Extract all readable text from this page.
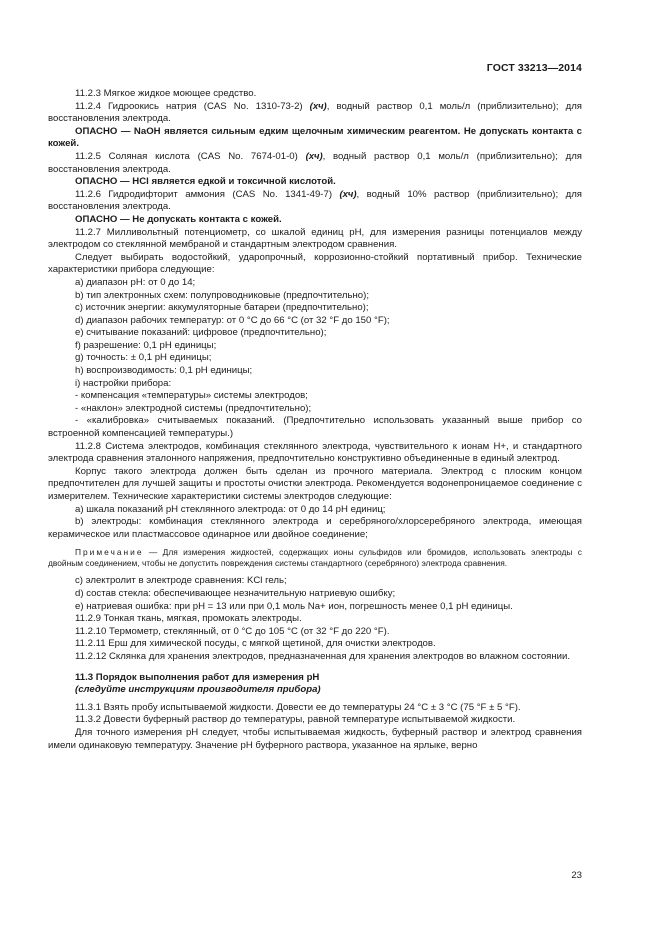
ГОСТ 33213—2014

11.2.3 Мягкое жидкое моющее средство.

11.2.4 Гидроокись натрия (CAS No. 1310-73-2) (хч), водный раствор 0,1 моль/л (приблизительно); для восстановления электрода.

ОПАСНО — NaOH является сильным едким щелочным химическим реагентом. Не допускать контакта с кожей.

11.2.5 Соляная кислота (CAS No. 7674-01-0) (хч), водный раствор 0,1 моль/л (приблизительно); для восстановления электрода.

ОПАСНО — HCl является едкой и токсичной кислотой.

11.2.6 Гидродифторит аммония (CAS No. 1341-49-7) (хч), водный 10% раствор (приблизительно); для восстановления электрода.

ОПАСНО — Не допускать контакта с кожей.

11.2.7 Милливольтный потенциометр, со шкалой единиц pH, для измерения разницы потенциалов между электродом со стеклянной мембраной и стандартным электродом сравнения.

Следует выбирать водостойкий, ударопрочный, коррозионно-стойкий портативный прибор. Технические характеристики прибора следующие:

a) диапазон pH: от 0 до 14;

b) тип электронных схем: полупроводниковые (предпочтительно);

c) источник энергии: аккумуляторные батареи (предпочтительно);

d) диапазон рабочих температур: от 0 °С до 66 °С (от 32 °F до 150 °F);

e) считывание показаний: цифровое (предпочтительно);

f) разрешение: 0,1 pH единицы;

g) точность: ± 0,1 pH единицы;

h) воспроизводимость: 0,1 pH единицы;

i) настройки прибора:

- компенсация «температуры» системы электродов;

- «наклон» электродной системы (предпочтительно);

- «калибровка» считываемых показаний. (Предпочтительно использовать указанный выше прибор со встроенной компенсацией температуры.)

11.2.8 Система электродов, комбинация стеклянного электрода, чувствительного к ионам H+, и стандартного электрода сравнения эталонного напряжения, предпочтительно конструктивно объединенные в единый электрод.

Корпус такого электрода должен быть сделан из прочного материала. Электрод с плоским концом предпочтителен для лучшей защиты и простоты очистки электрода. Рекомендуется водонепроницаемое соединение с измерителем. Технические характеристики системы электродов следующие:

a) шкала показаний pH стеклянного электрода: от 0 до 14 pH единиц;

b) электроды: комбинация стеклянного электрода и серебряного/хлорсеребряного электрода, имеющая керамическое или пластмассовое одинарное или двойное соединение;

Примечание — Для измерения жидкостей, содержащих ионы сульфидов или бромидов, использовать электроды с двойным соединением, чтобы не допустить повреждения системы стандартного (серебряного) электрода сравнения.

c) электролит в электроде сравнения: KCl гель;

d) состав стекла: обеспечивающее незначительную натриевую ошибку;

e) натриевая ошибка: при pH = 13 или при 0,1 моль Na+ ион, погрешность менее 0,1 pH единицы.

11.2.9 Тонкая ткань, мягкая, промокать электроды.

11.2.10 Термометр, стеклянный, от 0 °С до 105 °С (от 32 °F до 220 °F).

11.2.11 Ерш для химической посуды, с мягкой щетиной, для очистки электродов.

11.2.12 Склянка для хранения электродов, предназначенная для хранения электродов во влажном состоянии.

11.3 Порядок выполнения работ для измерения pH

(следуйте инструкциям производителя прибора)

11.3.1 Взять пробу испытываемой жидкости. Довести ее до температуры 24 °С ± 3 °С (75 °F ± 5 °F).

11.3.2 Довести буферный раствор до температуры, равной температуре испытываемой жидкости.

Для точного измерения pH следует, чтобы испытываемая жидкость, буферный раствор и электрод сравнения имели одинаковую температуру. Значение pH буферного раствора, указанное на ярлыке, верно

23
